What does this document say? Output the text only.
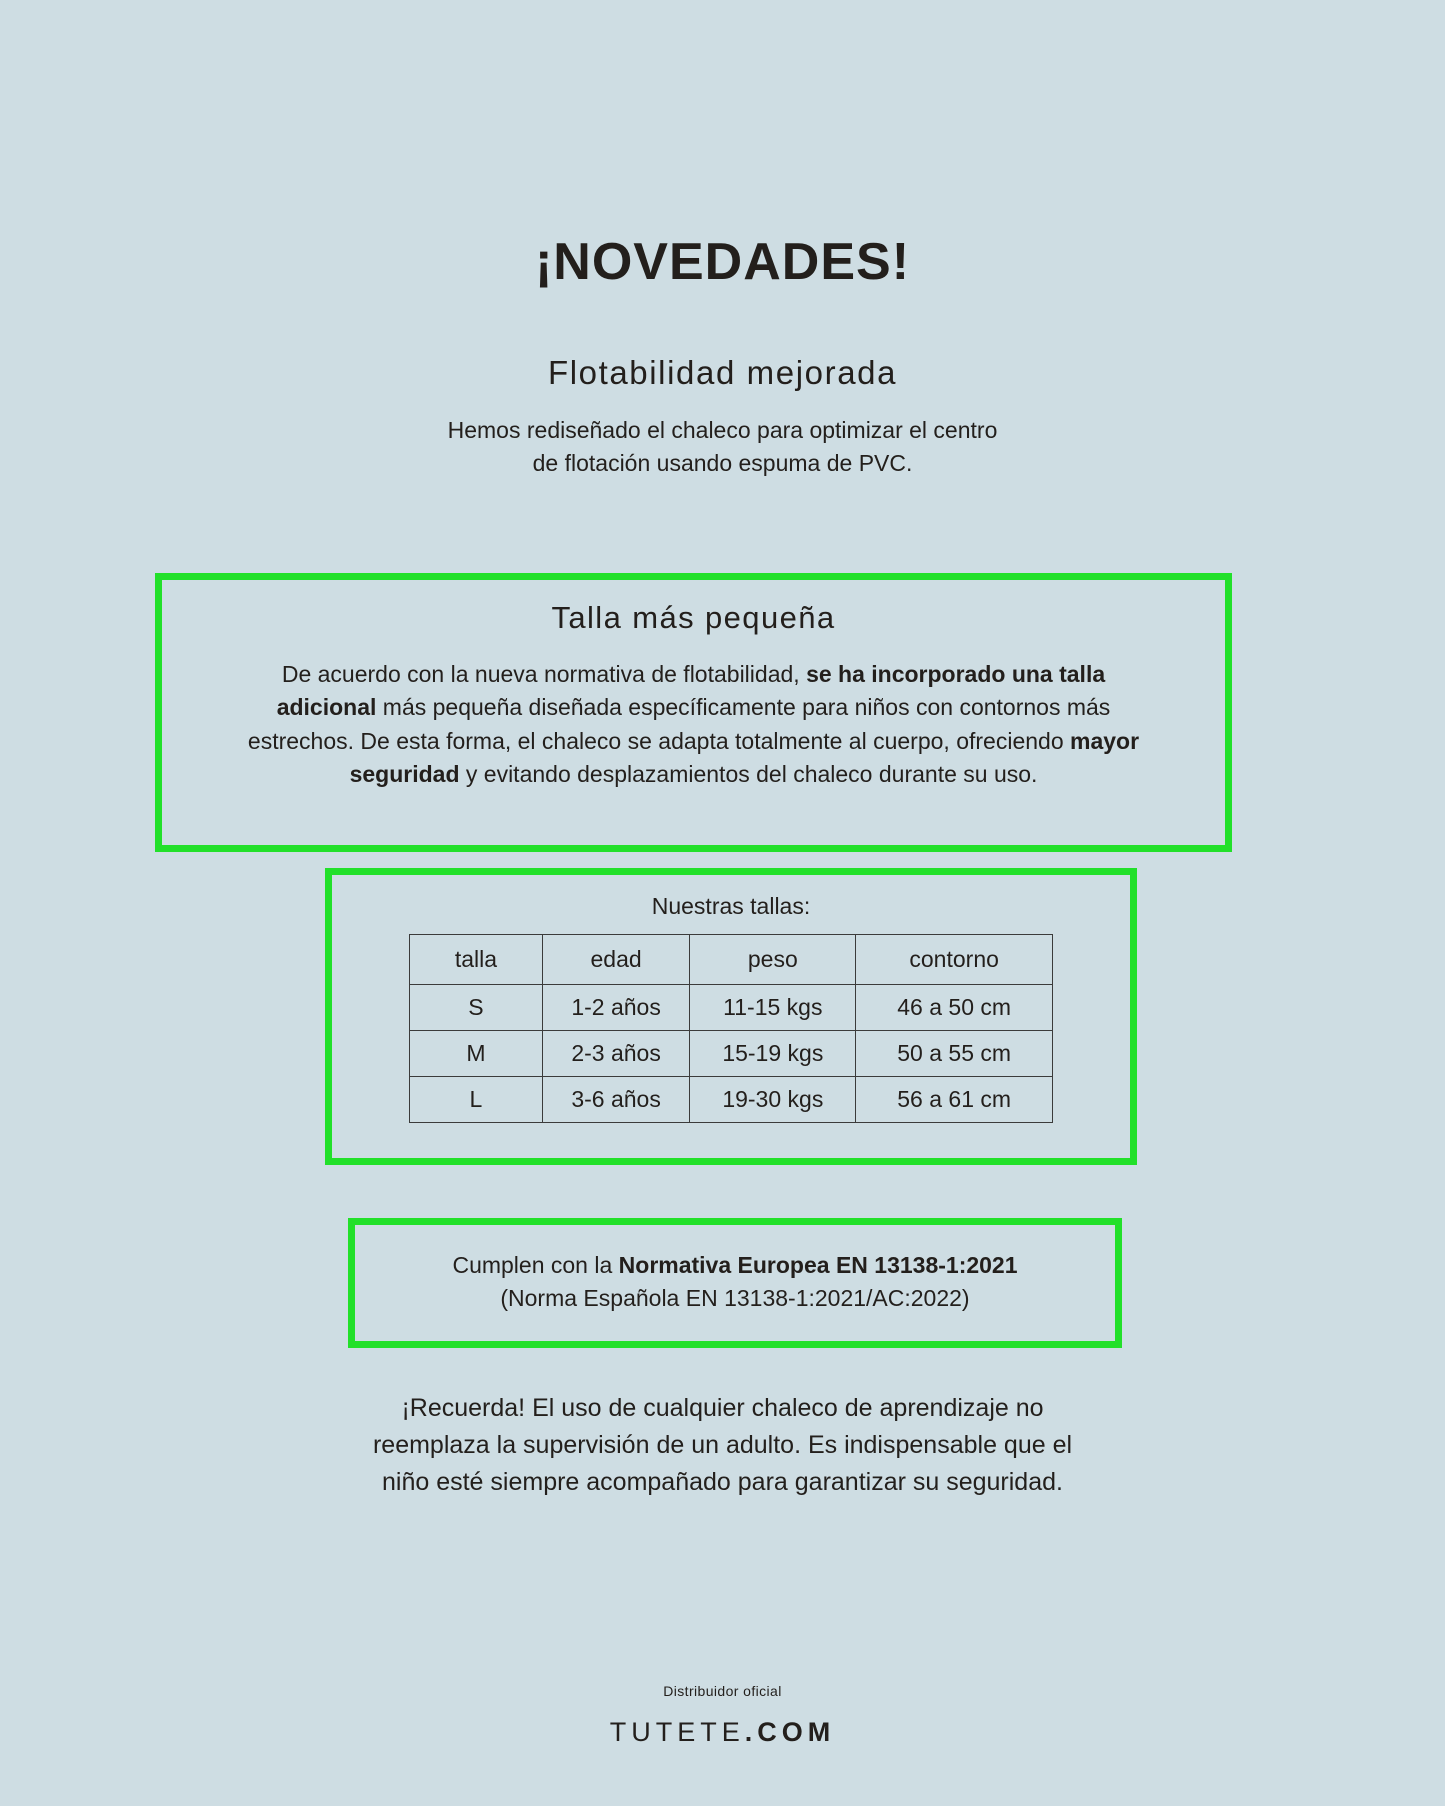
¡NOVEDADES!
Flotabilidad mejorada

Hemos rediseñado el chaleco para optimizar el centro
de flotación usando espuma de PVC.

Talla más pequeña

De acuerdo con la nueva normativa de flotabilidad, se ha incorporado una talla adicional más pequeña diseñada específicamente para niños con contornos más estrechos. De esta forma, el chaleco se adapta totalmente al cuerpo, ofreciendo mayor seguridad y evitando desplazamientos del chaleco durante su uso.

Nuestras tallas:
talla	edad	peso	contorno
S	1-2 años	11-15 kgs	46 a 50 cm
M	2-3 años	15-19 kgs	50 a 55 cm
L	3-6 años	19-30 kgs	56 a 61 cm

Cumplen con la Normativa Europea EN 13138-1:2021

(Norma Española EN 13138-1:2021/AC:2022)

¡Recuerda! El uso de cualquier chaleco de aprendizaje no
reemplaza la supervisión de un adulto. Es indispensable que el
niño esté siempre acompañado para garantizar su seguridad.
Distribuidor oficial
TUTETE.COM
